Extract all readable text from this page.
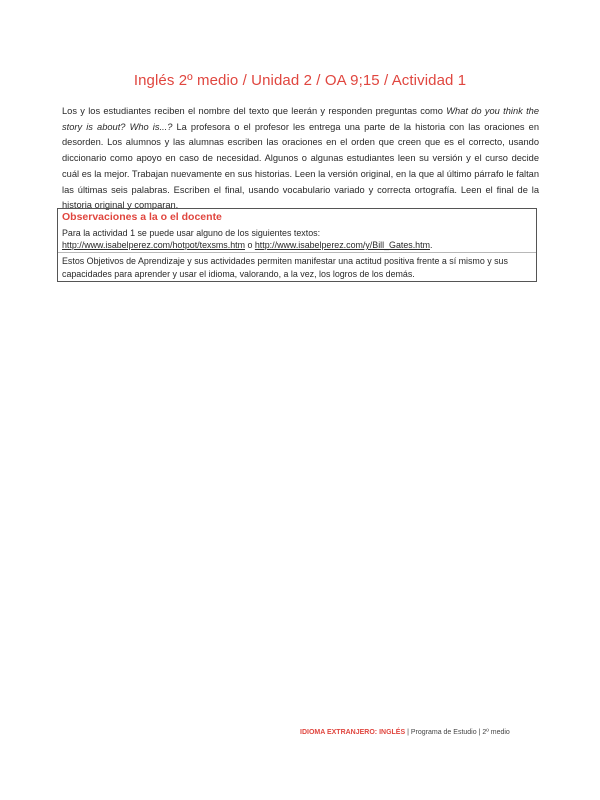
Inglés 2º medio / Unidad 2 / OA 9;15 / Actividad 1
Los y los estudiantes reciben el nombre del texto que leerán y responden preguntas como What do you think the story is about? Who is...? La profesora o el profesor les entrega una parte de la historia con las oraciones en desorden. Los alumnos y las alumnas escriben las oraciones en el orden que creen que es el correcto, usando diccionario como apoyo en caso de necesidad. Algunos o algunas estudiantes leen su versión y el curso decide cuál es la mejor. Trabajan nuevamente en sus historias. Leen la versión original, en la que al último párrafo le faltan las últimas seis palabras. Escriben el final, usando vocabulario variado y correcta ortografía. Leen el final de la historia original y comparan.
Observaciones a la o el docente
Para la actividad 1 se puede usar alguno de los siguientes textos:
http://www.isabelperez.com/hotpot/texsms.htm o http://www.isabelperez.com/y/Bill_Gates.htm.
Estos Objetivos de Aprendizaje y sus actividades permiten manifestar una actitud positiva frente a sí mismo y sus capacidades para aprender y usar el idioma, valorando, a la vez, los logros de los demás.
IDIOMA EXTRANJERO: INGLÉS | Programa de Estudio | 2º medio
